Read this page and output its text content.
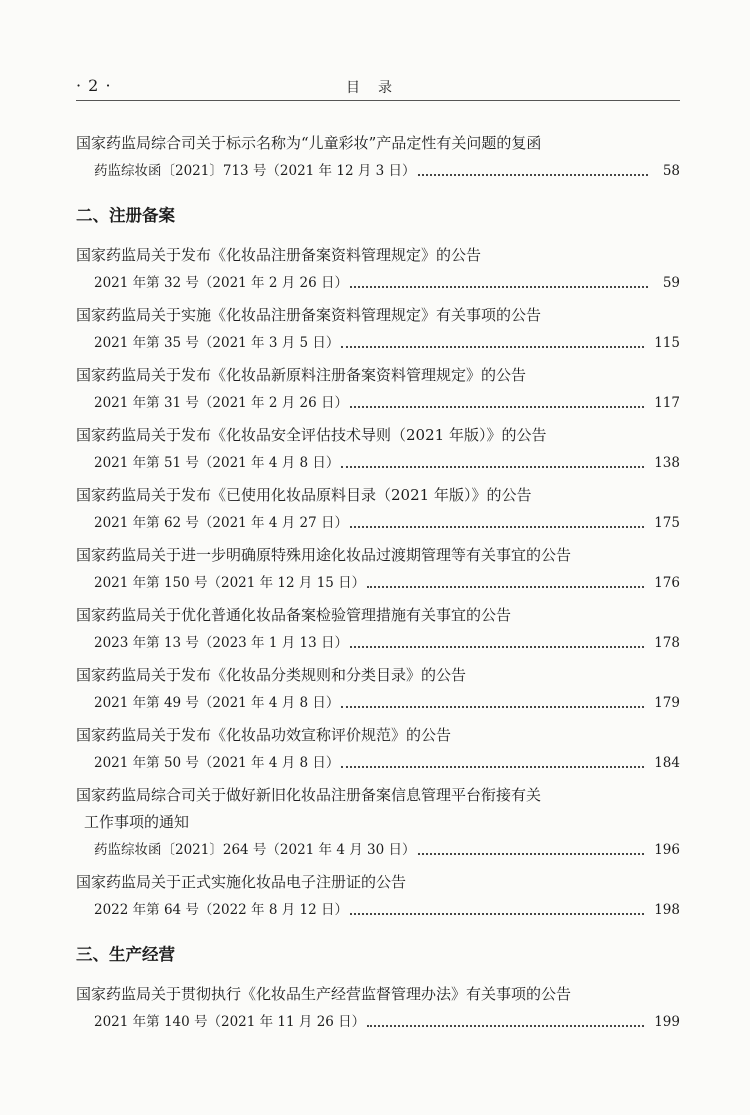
· 2 ·	目录
国家药监局综合司关于标示名称为“儿童彩妆”产品定性有关问题的复函
药监综妆函〔2021〕713 号（2021 年 12 月 3 日）	58
二、注册备案
国家药监局关于发布《化妆品注册备案资料管理规定》的公告
2021 年第 32 号（2021 年 2 月 26 日）	59
国家药监局关于实施《化妆品注册备案资料管理规定》有关事项的公告
2021 年第 35 号（2021 年 3 月 5 日）	115
国家药监局关于发布《化妆品新原料注册备案资料管理规定》的公告
2021 年第 31 号（2021 年 2 月 26 日）	117
国家药监局关于发布《化妆品安全评估技术导则（2021 年版）》的公告
2021 年第 51 号（2021 年 4 月 8 日）	138
国家药监局关于发布《已使用化妆品原料目录（2021 年版）》的公告
2021 年第 62 号（2021 年 4 月 27 日）	175
国家药监局关于进一步明确原特殊用途化妆品过渡期管理等有关事宜的公告
2021 年第 150 号（2021 年 12 月 15 日）	176
国家药监局关于优化普通化妆品备案检验管理措施有关事宜的公告
2023 年第 13 号（2023 年 1 月 13 日）	178
国家药监局关于发布《化妆品分类规则和分类目录》的公告
2021 年第 49 号（2021 年 4 月 8 日）	179
国家药监局关于发布《化妆品功效宣称评价规范》的公告
2021 年第 50 号（2021 年 4 月 8 日）	184
国家药监局综合司关于做好新旧化妆品注册备案信息管理平台衔接有关
工作事项的通知
药监综妆函〔2021〕264 号（2021 年 4 月 30 日）	196
国家药监局关于正式实施化妆品电子注册证的公告
2022 年第 64 号（2022 年 8 月 12 日）	198
三、生产经营
国家药监局关于贯彻执行《化妆品生产经营监督管理办法》有关事项的公告
2021 年第 140 号（2021 年 11 月 26 日）	199
